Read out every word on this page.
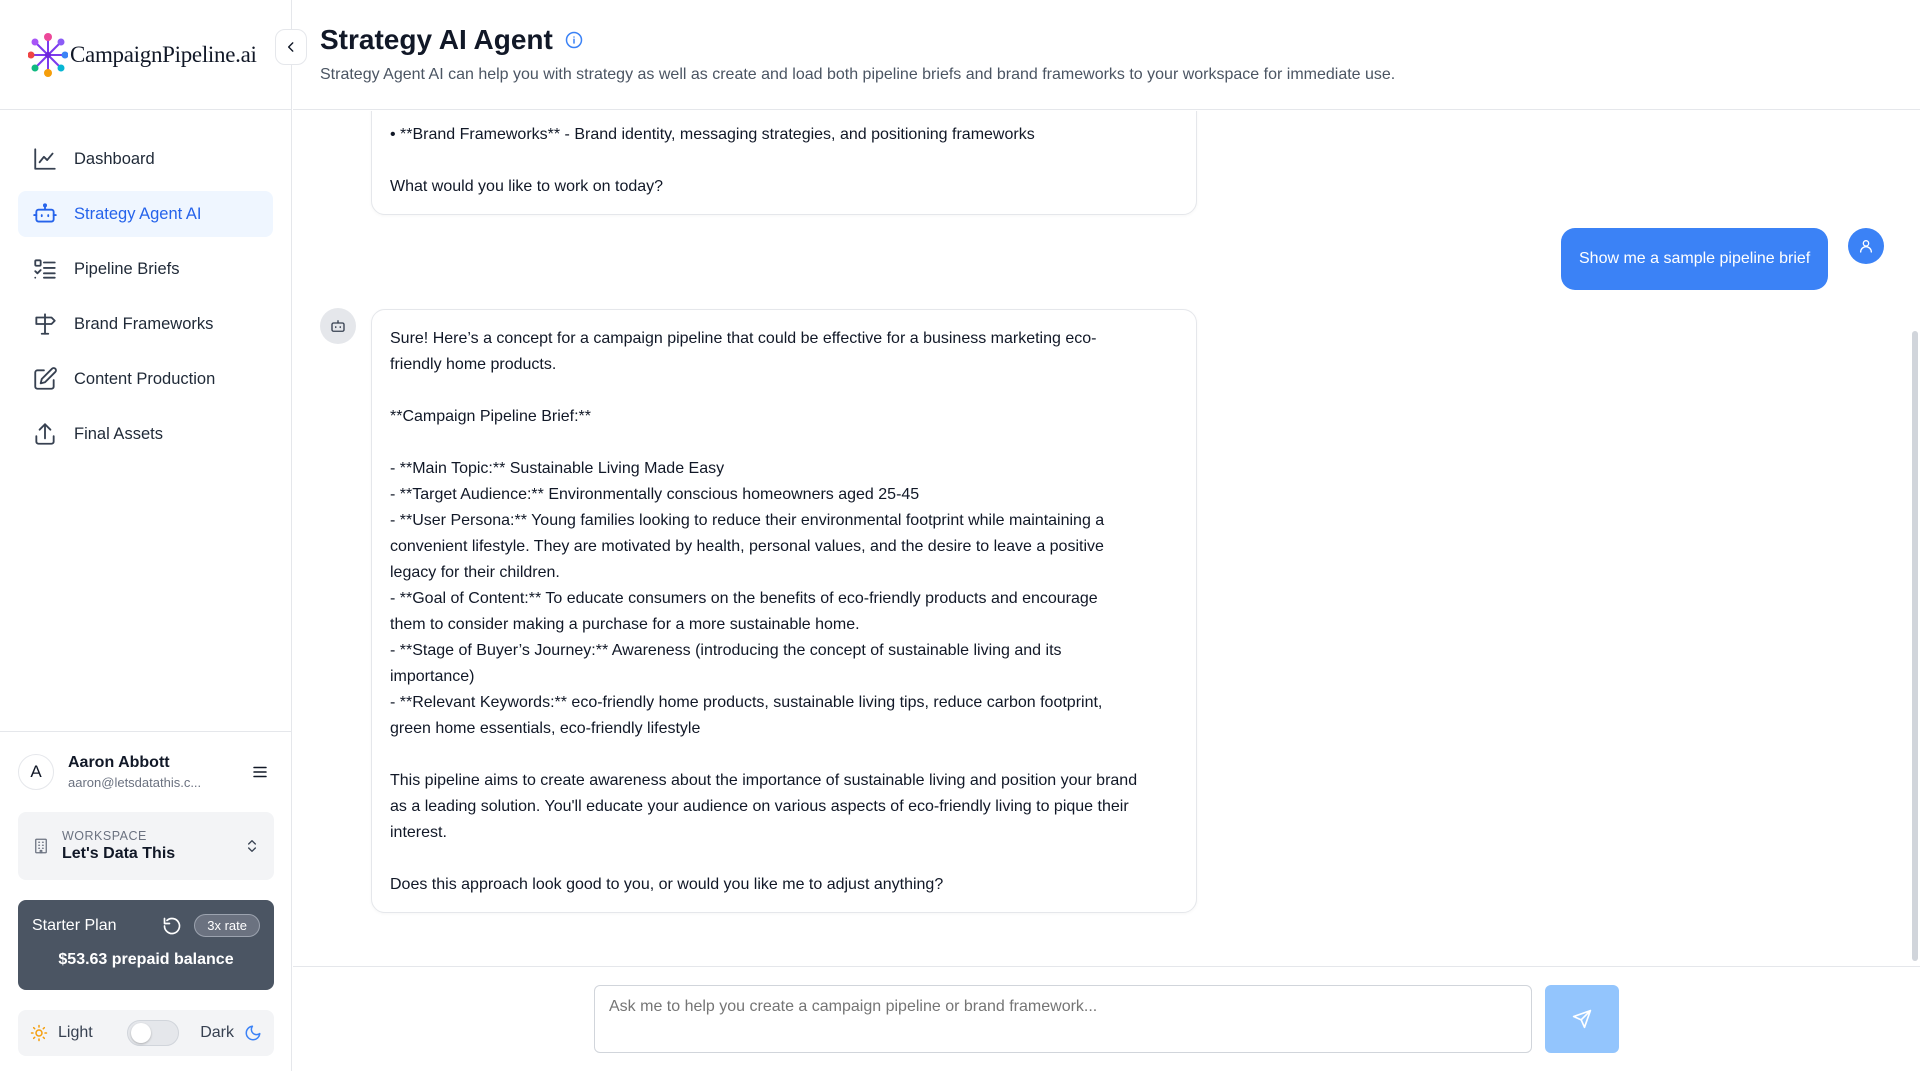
CampaignPipeline.ai
Dashboard
Strategy Agent AI
Pipeline Briefs
Brand Frameworks
Content Production
Final Assets
A	Aaron Abbott
aaron@letsdatathis.c...
WORKSPACE
Let's Data This
Starter Plan	3x rate
$53.63 prepaid balance
Light	Dark
Strategy AI Agent
Strategy Agent AI can help you with strategy as well as create and load both pipeline briefs and brand frameworks to your workspace for immediate use.
• **Brand Frameworks** - Brand identity, messaging strategies, and positioning frameworks
What would you like to work on today?
Show me a sample pipeline brief
Sure! Here’s a concept for a campaign pipeline that could be effective for a business marketing eco-
friendly home products.
**Campaign Pipeline Brief:**
- **Main Topic:** Sustainable Living Made Easy
- **Target Audience:** Environmentally conscious homeowners aged 25-45
- **User Persona:** Young families looking to reduce their environmental footprint while maintaining a
convenient lifestyle. They are motivated by health, personal values, and the desire to leave a positive
legacy for their children.
- **Goal of Content:** To educate consumers on the benefits of eco-friendly products and encourage
them to consider making a purchase for a more sustainable home.
- **Stage of Buyer’s Journey:** Awareness (introducing the concept of sustainable living and its
importance)
- **Relevant Keywords:** eco-friendly home products, sustainable living tips, reduce carbon footprint,
green home essentials, eco-friendly lifestyle
This pipeline aims to create awareness about the importance of sustainable living and position your brand
as a leading solution. You'll educate your audience on various aspects of eco-friendly living to pique their
interest.
Does this approach look good to you, or would you like me to adjust anything?
Ask me to help you create a campaign pipeline or brand framework...
